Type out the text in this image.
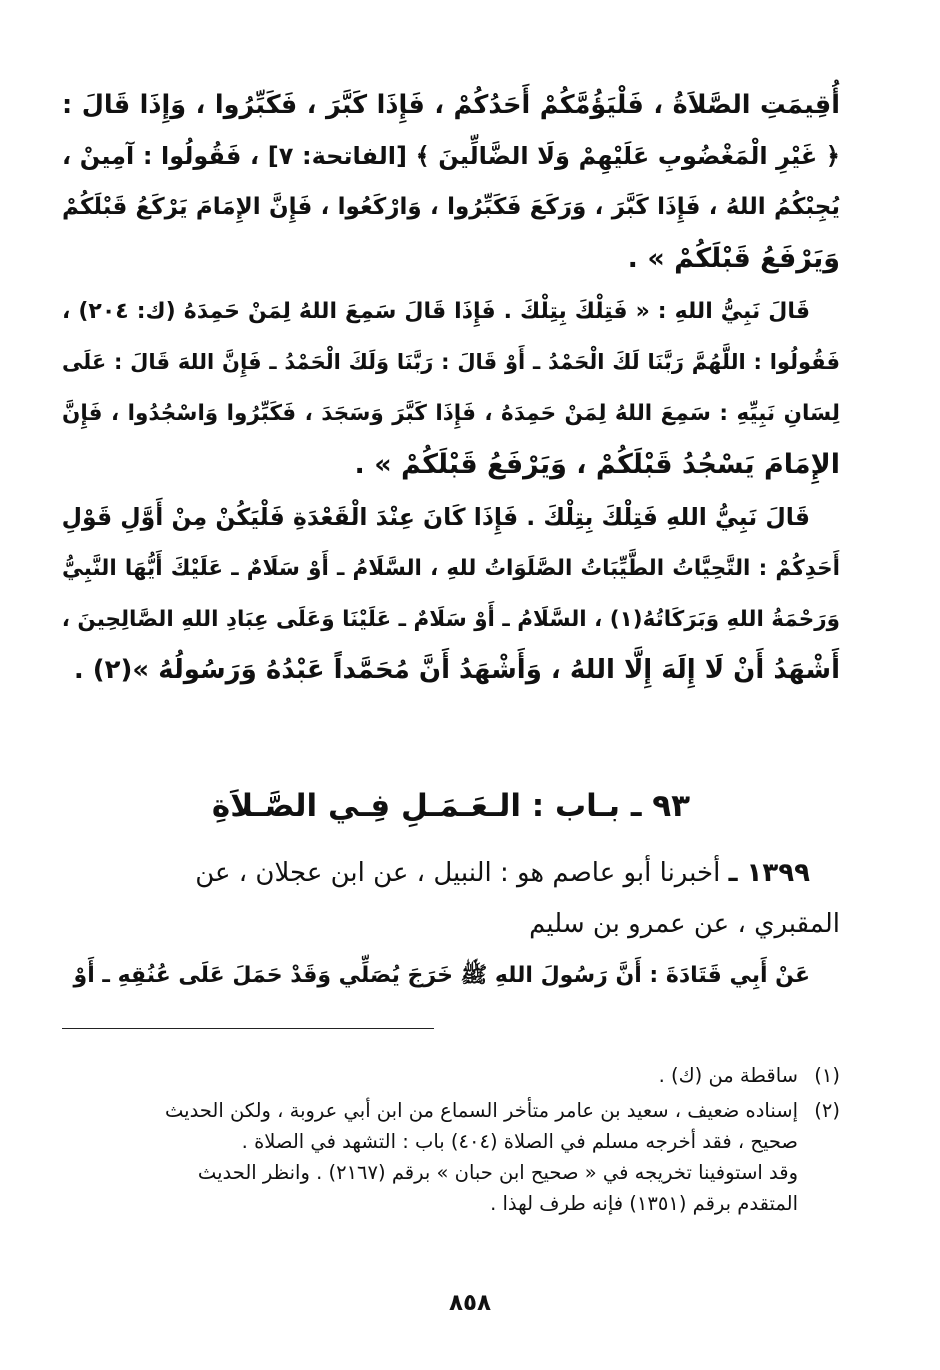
أُقِيمَتِ الصَّلاَةُ ، فَلْيَؤُمَّكُمْ أَحَدُكُمْ ، فَإِذَا كَبَّرَ ، فَكَبِّرُوا ، وَإِذَا قَالَ :
﴿ غَيْرِ الْمَغْضُوبِ عَلَيْهِمْ وَلَا الضَّالِّينَ ﴾ [الفاتحة: ٧] ، فَقُولُوا : آمِينْ ،
يُجِبْكُمُ اللهُ ، فَإِذَا كَبَّرَ ، وَرَكَعَ فَكَبِّرُوا ، وَارْكَعُوا ، فَإِنَّ الإِمَامَ يَرْكَعُ قَبْلَكُمْ
وَيَرْفَعُ قَبْلَكُمْ » .
قَالَ نَبِيُّ اللهِ : « فَتِلْكَ بِتِلْكَ . فَإِذَا قَالَ سَمِعَ اللهُ لِمَنْ حَمِدَهُ (ك: ٢٠٤) ،
فَقُولُوا : اللَّهُمَّ رَبَّنَا لَكَ الْحَمْدُ ـ أَوْ قَالَ : رَبَّنَا وَلَكَ الْحَمْدُ ـ فَإِنَّ اللهَ قَالَ : عَلَى
لِسَانِ نَبِيِّهِ : سَمِعَ اللهُ لِمَنْ حَمِدَهُ ، فَإِذَا كَبَّرَ وَسَجَدَ ، فَكَبِّرُوا وَاسْجُدُوا ، فَإِنَّ
الإِمَامَ يَسْجُدُ قَبْلَكُمْ ، وَيَرْفَعُ قَبْلَكُمْ » .
قَالَ نَبِيُّ اللهِ فَتِلْكَ بِتِلْكَ . فَإِذَا كَانَ عِنْدَ الْقَعْدَةِ فَلْيَكُنْ مِنْ أَوَّلِ قَوْلِ
أَحَدِكُمْ : التَّحِيَّاتُ الطَّيِّبَاتُ الصَّلَوَاتُ للهِ ، السَّلَامُ ـ أَوْ سَلَامٌ ـ عَلَيْكَ أَيُّهَا النَّبِيُّ
وَرَحْمَةُ اللهِ وَبَرَكَاتُهُ(١) ، السَّلَامُ ـ أَوْ سَلَامٌ ـ عَلَيْنَا وَعَلَى عِبَادِ اللهِ الصَّالِحِينَ ،
أَشْهَدُ أَنْ لَا إِلَهَ إِلَّا اللهُ ، وَأَشْهَدُ أَنَّ مُحَمَّداً عَبْدُهُ وَرَسُولُهُ »(٢) .
٩٣ ـ بـاب : الـعَـمَـلِ فِـي الصَّـلاَةِ
١٣٩٩ ـ أخبرنا أبو عاصم هو : النبيل ، عن ابن عجلان ، عن
المقبري ، عن عمرو بن سليم
عَنْ أَبِي قَتَادَةَ : أَنَّ رَسُولَ اللهِ ﷺ خَرَجَ يُصَلِّي وَقَدْ حَمَلَ عَلَى عُنُقِهِ ـ أَوْ
(١)
ساقطة من (ك) .
(٢)
إسناده ضعيف ، سعيد بن عامر متأخر السماع من ابن أبي عروبة ، ولكن الحديث
صحيح ، فقد أخرجه مسلم في الصلاة (٤٠٤) باب : التشهد في الصلاة .
وقد استوفينا تخريجه في « صحيح ابن حبان » برقم (٢١٦٧) . وانظر الحديث
المتقدم برقم (١٣٥١) فإنه طرف لهذا .
٨٥٨
